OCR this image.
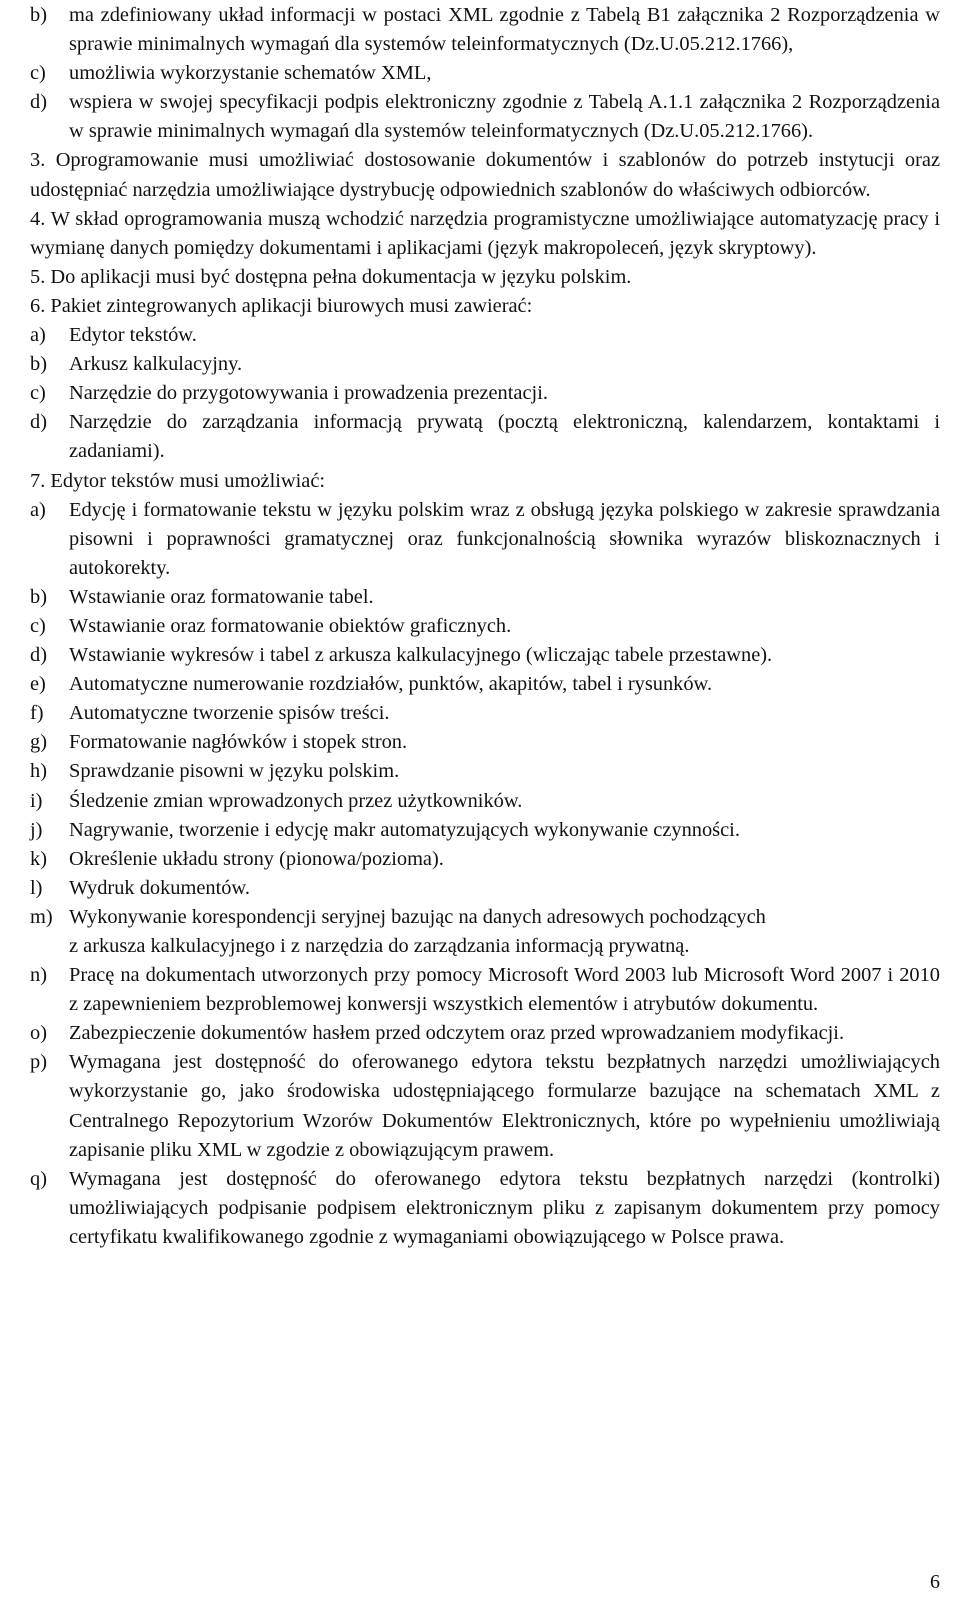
b)	ma zdefiniowany układ informacji w postaci XML zgodnie z Tabelą B1 załącznika 2 Rozporządzenia w sprawie minimalnych wymagań dla systemów teleinformatycznych (Dz.U.05.212.1766),
c)	umożliwia wykorzystanie schematów XML,
d)	wspiera w swojej specyfikacji podpis elektroniczny zgodnie z Tabelą A.1.1 załącznika 2 Rozporządzenia w sprawie minimalnych wymagań dla systemów teleinformatycznych (Dz.U.05.212.1766).
3. Oprogramowanie musi umożliwiać dostosowanie dokumentów i szablonów do potrzeb instytucji oraz udostępniać narzędzia umożliwiające dystrybucję odpowiednich szablonów do właściwych odbiorców.
4. W skład oprogramowania muszą wchodzić narzędzia programistyczne umożliwiające automatyzację pracy i wymianę danych pomiędzy dokumentami i aplikacjami (język makropoleceń, język skryptowy).
5. Do aplikacji musi być dostępna pełna dokumentacja w języku polskim.
6. Pakiet zintegrowanych aplikacji biurowych musi zawierać:
a)	Edytor tekstów.
b)	Arkusz kalkulacyjny.
c)	Narzędzie do przygotowywania i prowadzenia prezentacji.
d)	Narzędzie do zarządzania informacją prywatą (pocztą elektroniczną, kalendarzem, kontaktami i zadaniami).
7. Edytor tekstów musi umożliwiać:
a)	Edycję i formatowanie tekstu w języku polskim wraz z obsługą języka polskiego w zakresie sprawdzania pisowni i poprawności gramatycznej oraz funkcjonalnością słownika wyrazów bliskoznacznych i autokorekty.
b)	Wstawianie oraz formatowanie tabel.
c)	Wstawianie oraz formatowanie obiektów graficznych.
d)	Wstawianie wykresów i tabel z arkusza kalkulacyjnego (wliczając tabele przestawne).
e)	Automatyczne numerowanie rozdziałów, punktów, akapitów, tabel i rysunków.
f)	Automatyczne tworzenie spisów treści.
g)	Formatowanie nagłówków i stopek stron.
h)	Sprawdzanie pisowni w języku polskim.
i)	Śledzenie zmian wprowadzonych przez użytkowników.
j)	Nagrywanie, tworzenie i edycję makr automatyzujących wykonywanie czynności.
k)	Określenie układu strony (pionowa/pozioma).
l)	Wydruk dokumentów.
m) Wykonywanie korespondencji seryjnej bazując na danych adresowych pochodzących
z arkusza kalkulacyjnego i z narzędzia do zarządzania informacją prywatną.
n)	Pracę na dokumentach utworzonych przy pomocy Microsoft Word 2003 lub Microsoft Word 2007 i 2010 z zapewnieniem bezproblemowej konwersji wszystkich elementów i atrybutów dokumentu.
o)	Zabezpieczenie dokumentów hasłem przed odczytem oraz przed wprowadzaniem modyfikacji.
p)	Wymagana jest dostępność do oferowanego edytora tekstu bezpłatnych narzędzi umożliwiających wykorzystanie go, jako środowiska udostępniającego formularze bazujące na schematach XML z Centralnego Repozytorium Wzorów Dokumentów Elektronicznych, które po wypełnieniu umożliwiają zapisanie pliku XML w zgodzie z obowiązującym prawem.
q)	Wymagana jest dostępność do oferowanego edytora tekstu bezpłatnych narzędzi (kontrolki) umożliwiających podpisanie podpisem elektronicznym pliku z zapisanym dokumentem przy pomocy certyfikatu kwalifikowanego zgodnie z wymaganiami obowiązującego w Polsce prawa.
6
